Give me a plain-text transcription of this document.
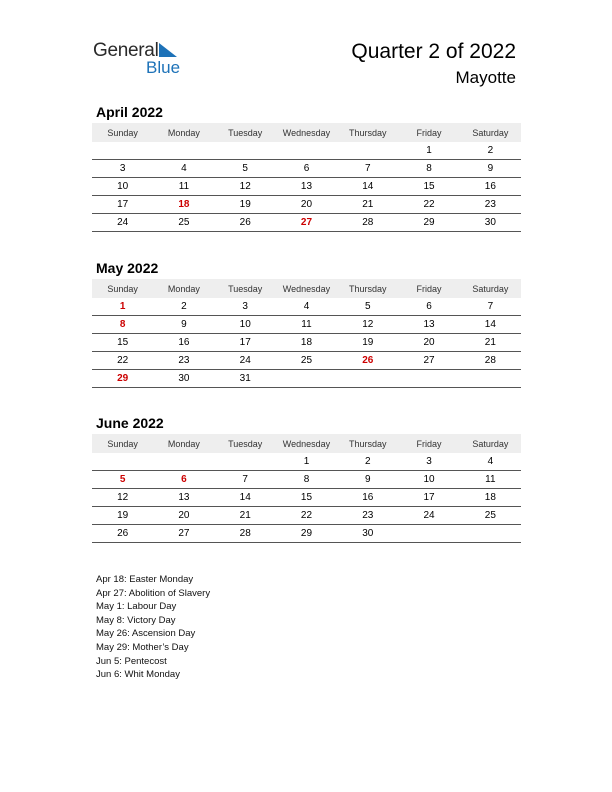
General
Blue
Quarter 2 of 2022
Mayotte
April 2022
Sunday	Monday	Tuesday	Wednesday	Thursday	Friday	Saturday
					1	2
3	4	5	6	7	8	9
10	11	12	13	14	15	16
17	18	19	20	21	22	23
24	25	26	27	28	29	30
May 2022
Sunday	Monday	Tuesday	Wednesday	Thursday	Friday	Saturday
1	2	3	4	5	6	7
8	9	10	11	12	13	14
15	16	17	18	19	20	21
22	23	24	25	26	27	28
29	30	31				
June 2022
Sunday	Monday	Tuesday	Wednesday	Thursday	Friday	Saturday
			1	2	3	4
5	6	7	8	9	10	11
12	13	14	15	16	17	18
19	20	21	22	23	24	25
26	27	28	29	30		
Apr 18: Easter Monday
Apr 27: Abolition of Slavery
May 1: Labour Day
May 8: Victory Day
May 26: Ascension Day
May 29: Mother’s Day
Jun 5: Pentecost
Jun 6: Whit Monday
